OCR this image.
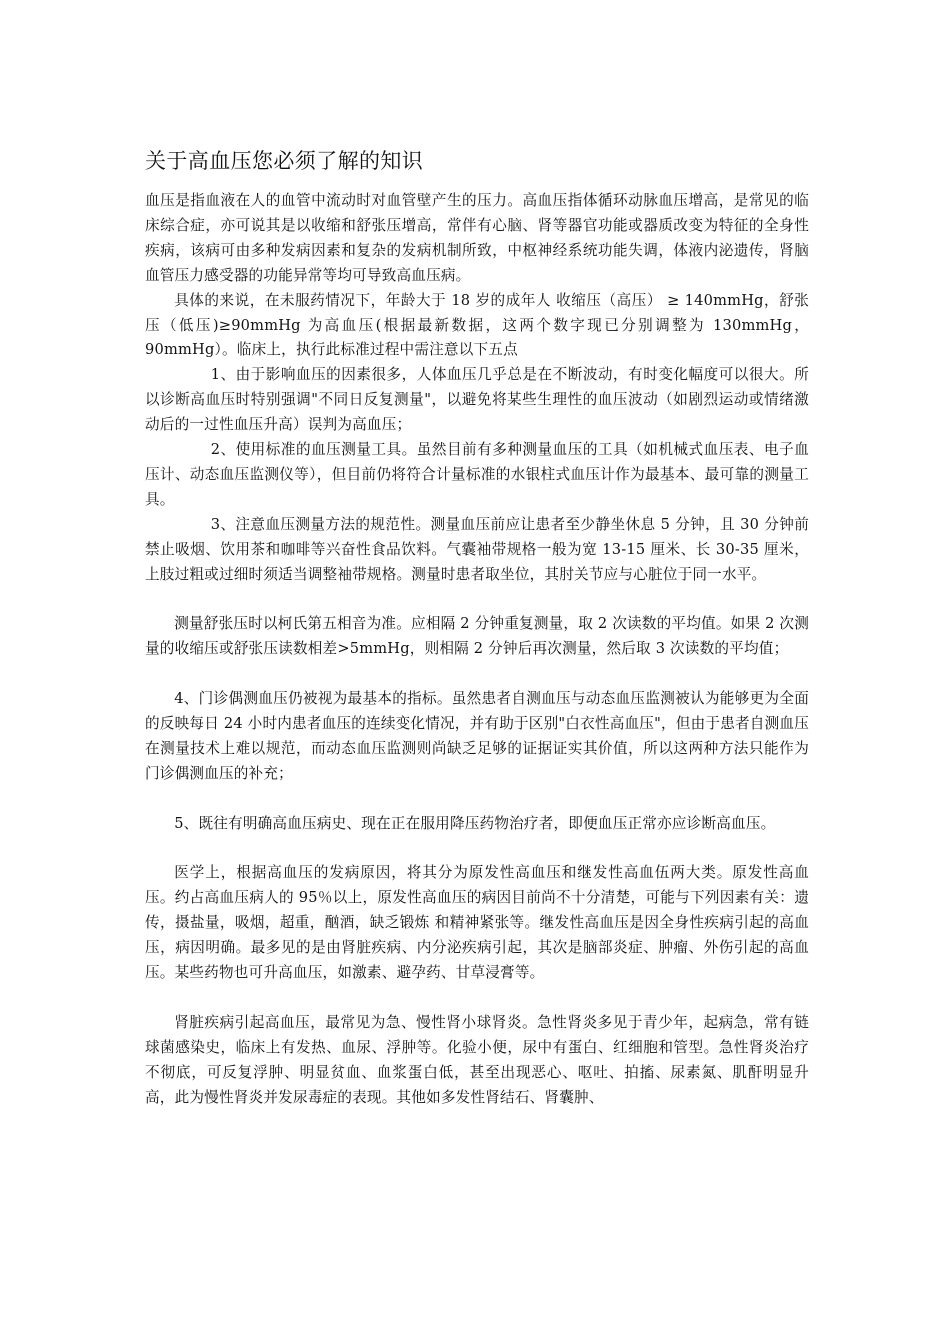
关于高血压您必须了解的知识

血压是指血液在人的血管中流动时对血管壁产生的压力。高血压指体循环动脉血压增高，是常见的临床综合症，亦可说其是以收缩和舒张压增高，常伴有心脑、肾等器官功能或器质改变为特征的全身性疾病，该病可由多种发病因素和复杂的发病机制所致，中枢神经系统功能失调，体液内泌遗传，肾脑血管压力感受器的功能异常等均可导致高血压病。

具体的来说，在未服药情况下，年龄大于 18 岁的成年人 收缩压（高压） ≥ 140mmHg，舒张压（低压)≥90mmHg 为高血压(根据最新数据，这两个数字现已分别调整为 130mmHg，90mmHg）。临床上，执行此标准过程中需注意以下五点

1、由于影响血压的因素很多，人体血压几乎总是在不断波动，有时变化幅度可以很大。所以诊断高血压时特别强调"不同日反复测量"，以避免将某些生理性的血压波动（如剧烈运动或情绪激动后的一过性血压升高）误判为高血压；

2、使用标准的血压测量工具。虽然目前有多种测量血压的工具（如机械式血压表、电子血压计、动态血压监测仪等），但目前仍将符合计量标准的水银柱式血压计作为最基本、最可靠的测量工具。

3、注意血压测量方法的规范性。测量血压前应让患者至少静坐休息 5 分钟，且 30 分钟前禁止吸烟、饮用茶和咖啡等兴奋性食品饮料。气囊袖带规格一般为宽 13-15 厘米、长 30-35 厘米，上肢过粗或过细时须适当调整袖带规格。测量时患者取坐位，其肘关节应与心脏位于同一水平。

测量舒张压时以柯氏第五相音为准。应相隔 2 分钟重复测量，取 2 次读数的平均值。如果 2 次测量的收缩压或舒张压读数相差>5mmHg，则相隔 2 分钟后再次测量，然后取 3 次读数的平均值；

4、门诊偶测血压仍被视为最基本的指标。虽然患者自测血压与动态血压监测被认为能够更为全面的反映每日 24 小时内患者血压的连续变化情况，并有助于区别"白衣性高血压"，但由于患者自测血压在测量技术上难以规范，而动态血压监测则尚缺乏足够的证据证实其价值，所以这两种方法只能作为门诊偶测血压的补充；

5、既往有明确高血压病史、现在正在服用降压药物治疗者，即便血压正常亦应诊断高血压。

医学上，根据高血压的发病原因，将其分为原发性高血压和继发性高血伍两大类。原发性高血压。约占高血压病人的 95％以上，原发性高血压的病因目前尚不十分清楚，可能与下列因素有关：遗传，摄盐量，吸烟，超重，酗酒，缺乏锻炼 和精神紧张等。继发性高血压是因全身性疾病引起的高血压，病因明确。最多见的是由肾脏疾病、内分泌疾病引起，其次是脑部炎症、肿瘤、外伤引起的高血压。某些药物也可升高血压，如激素、避孕药、甘草浸膏等。

肾脏疾病引起高血压，最常见为急、慢性肾小球肾炎。急性肾炎多见于青少年，起病急，常有链球菌感染史，临床上有发热、血尿、浮肿等。化验小便，尿中有蛋白、红细胞和管型。急性肾炎治疗不彻底，可反复浮肿、明显贫血、血浆蛋白低，甚至出现恶心、呕吐、拍搐、尿素氮、肌酐明显升高，此为慢性肾炎并发尿毒症的表现。其他如多发性肾结石、肾囊肿、
